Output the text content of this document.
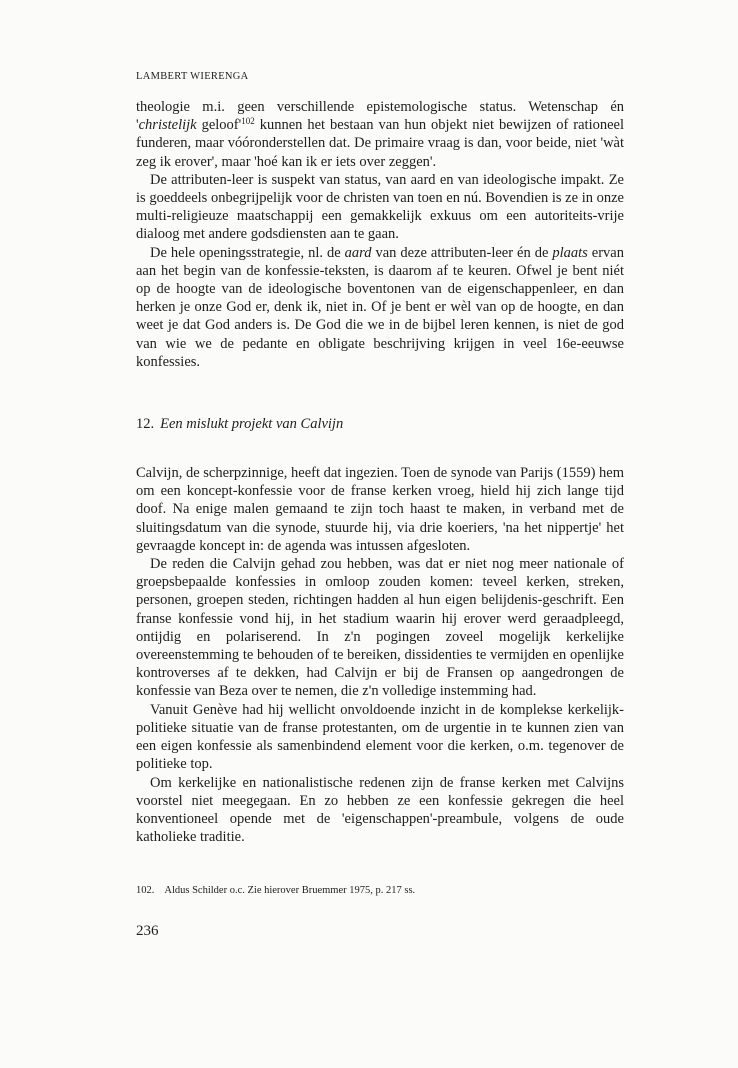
LAMBERT WIERENGA

theologie m.i. geen verschillende epistemologische status. Wetenschap én 'christelijk $geloof'^{102}$ kunnen het bestaan van hun objekt niet bewijzen of rationeel funderen, maar vóóronderstellen dat. De primaire vraag is dan, voor beide, niet 'wàt zeg ik erover', maar 'hoé kan ik er iets over zeggen'.

De attributen-leer is suspekt van status, van aard en van ideologische impakt. Ze is goeddeels onbegrijpelijk voor de christen van toen en nú. Bovendien is ze in onze multi-religieuze maatschappij een gemakkelijk exkuus om een autoriteits-vrije dialoog met andere godsdiensten aan te gaan.

De hele openingsstrategie, nl. de aard van deze attributen-leer én de plaats ervan aan het begin van de konfessie-teksten, is daarom af te keuren. Ofwel je bent niét op de hoogte van de ideologische boventonen van de eigenschappenleer, en dan herken je onze God er, denk ik, niet in. Of je bent er wèl van op de hoogte, en dan weet je dat God anders is. De God die we in de bijbel leren kennen, is niet de god van wie we de pedante en obligate beschrijving krijgen in veel 16e-eeuwse konfessies.

12. Een mislukt projekt van Calvijn

Calvijn, de scherpzinnige, heeft dat ingezien. Toen de synode van Parijs (1559) hem om een koncept-konfessie voor de franse kerken vroeg, hield hij zich lange tijd doof. Na enige malen gemaand te zijn toch haast te maken, in verband met de sluitingsdatum van die synode, stuurde hij, via drie koeriers, 'na het nippertje' het gevraagde koncept in: de agenda was intussen afgesloten.

De reden die Calvijn gehad zou hebben, was dat er niet nog meer nationale of groepsbepaalde konfessies in omloop zouden komen: teveel kerken, streken, personen, groepen steden, richtingen hadden al hun eigen belijdenis-geschrift. Een franse konfessie vond hij, in het stadium waarin hij erover werd geraadpleegd, ontijdig en polariserend. In z'n pogingen zoveel mogelijk kerkelijke overeenstemming te behouden of te bereiken, dissidenties te vermijden en openlijke kontroverses af te dekken, had Calvijn er bij de Fransen op aangedrongen de konfessie van Beza over te nemen, die z'n volledige instemming had.

Vanuit Genève had hij wellicht onvoldoende inzicht in de komplekse kerkelijk-politieke situatie van de franse protestanten, om de urgentie in te kunnen zien van een eigen konfessie als samenbindend element voor die kerken, o.m. tegenover de politieke top.

Om kerkelijke en nationalistische redenen zijn de franse kerken met Calvijns voorstel niet meegegaan. En zo hebben ze een konfessie gekregen die heel konventioneel opende met de 'eigenschappen'-preambule, volgens de oude katholieke traditie.

102. Aldus Schilder o.c. Zie hierover Bruemmer 1975, p. 217 ss.
236
